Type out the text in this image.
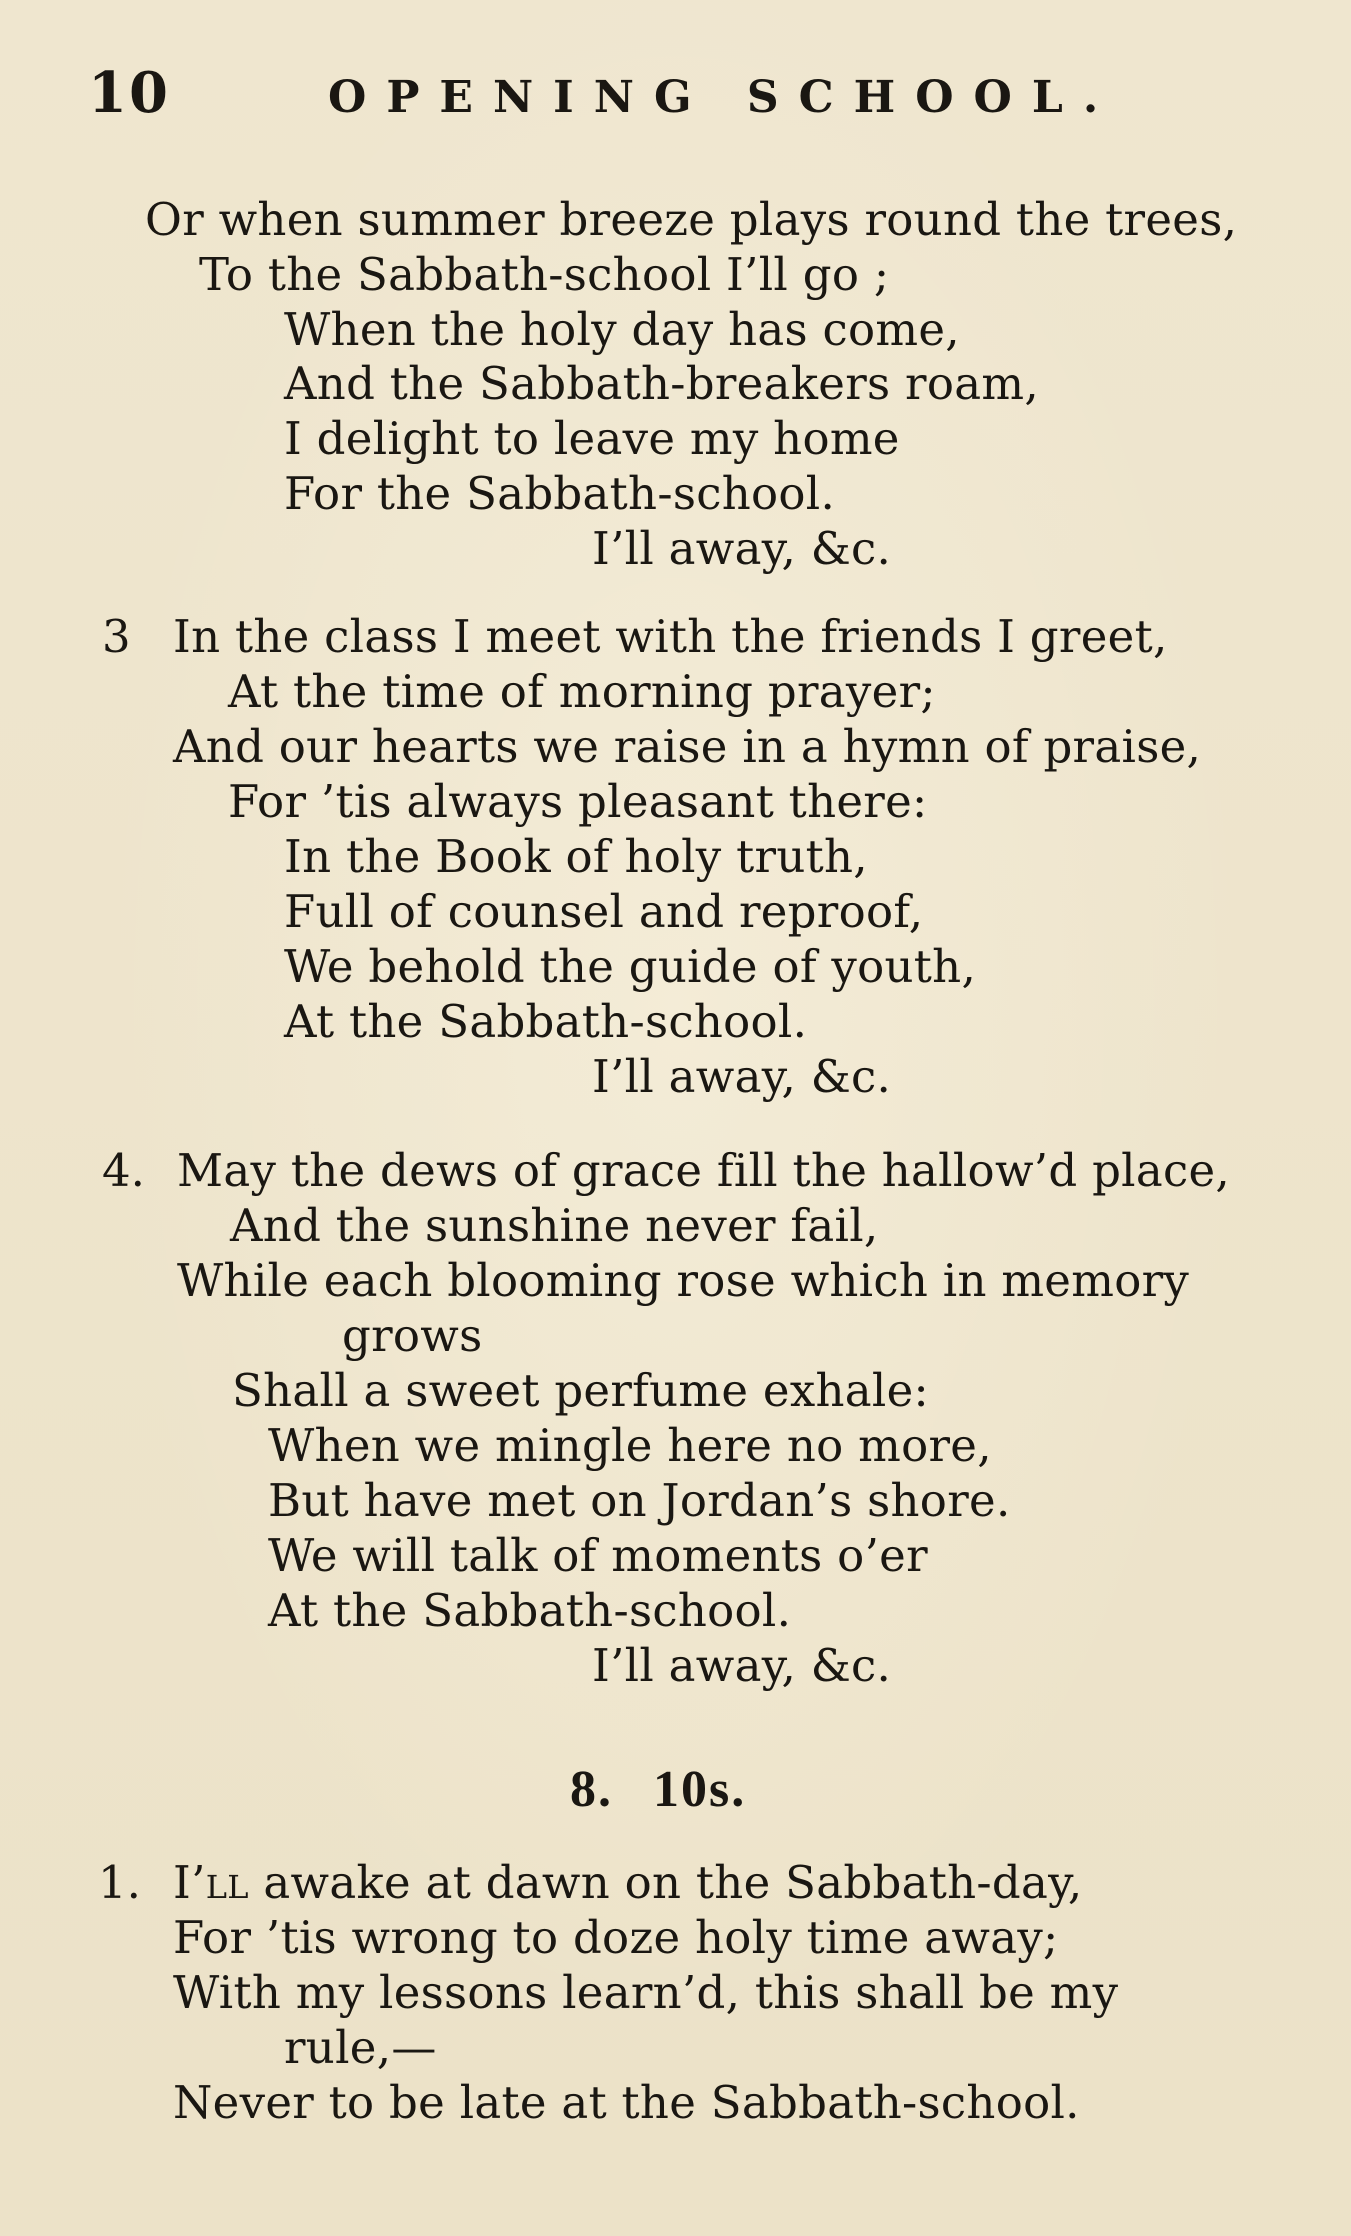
10	OPENING SCHOOL.
Or when summer breeze plays round the trees,
To the Sabbath-school I’ll go ;
When the holy day has come,
And the Sabbath-breakers roam,
I delight to leave my home
For the Sabbath-school.
I’ll away, &c.
3 In the class I meet with the friends I greet,
At the time of morning prayer;
And our hearts we raise in a hymn of praise,
For ’tis always pleasant there:
In the Book of holy truth,
Full of counsel and reproof,
We behold the guide of youth,
At the Sabbath-school.
I’ll away, &c.
4. May the dews of grace fill the hallow’d place,
And the sunshine never fail,
While each blooming rose which in memory
grows
Shall a sweet perfume exhale:
When we mingle here no more,
But have met on Jordan’s shore.
We will talk of moments o’er
At the Sabbath-school.
I’ll away, &c.
8. 10s.
1. I’ll awake at dawn on the Sabbath-day,
For ’tis wrong to doze holy time away;
With my lessons learn’d, this shall be my
rule,—
Never to be late at the Sabbath-school.
